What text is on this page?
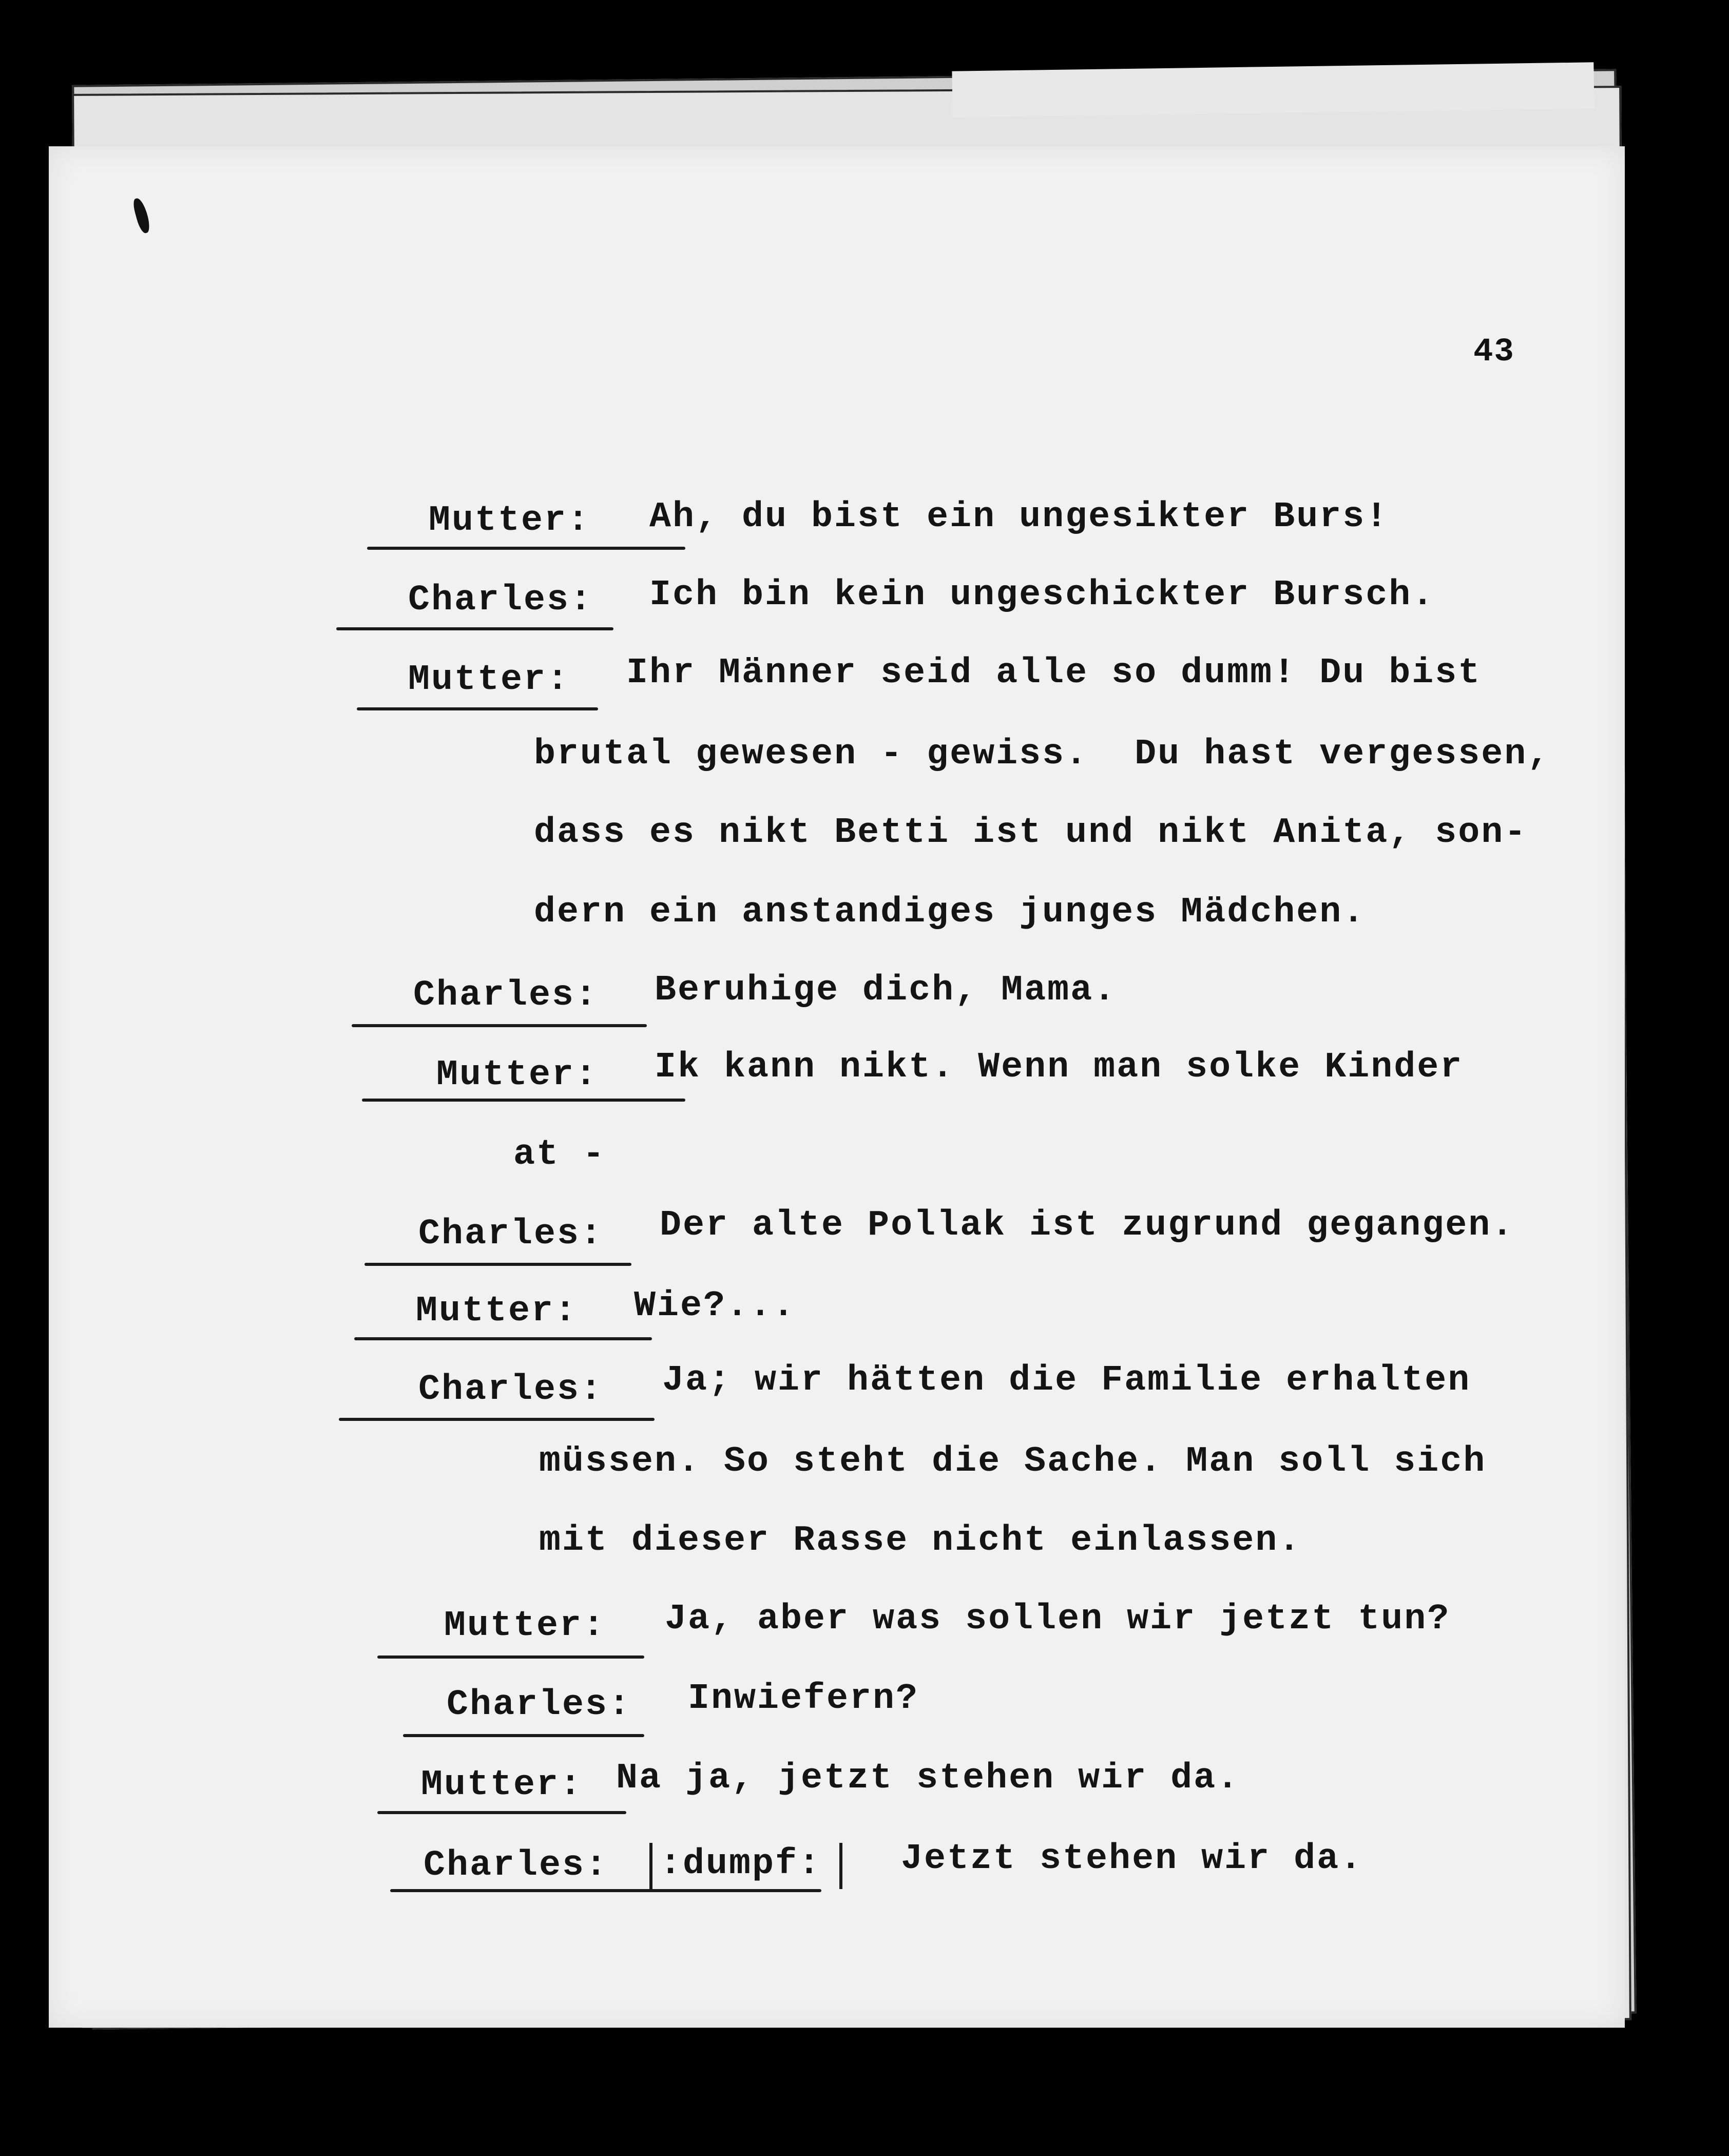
43
Mutter: Ah, du bist ein ungesikter Burs!
Charles: Ich bin kein ungeschickter Bursch.
Mutter: Ihr Männer seid alle so dumm! Du bist
brutal gewesen - gewiss.  Du hast vergessen,
dass es nikt Betti ist und nikt Anita, son-
dern ein anstandiges junges Mädchen.
Charles: Beruhige dich, Mama.
Mutter: Ik kann nikt. Wenn man solke Kinder
at -
Charles: Der alte Pollak ist zugrund gegangen.
Mutter: Wie?...
Charles: Ja; wir hätten die Familie erhalten
müssen. So steht die Sache. Man soll sich
mit dieser Rasse nicht einlassen.
Mutter: Ja, aber was sollen wir jetzt tun?
Charles: Inwiefern?
Mutter: Na ja, jetzt stehen wir da.
Charles: :dumpf: Jetzt stehen wir da.
